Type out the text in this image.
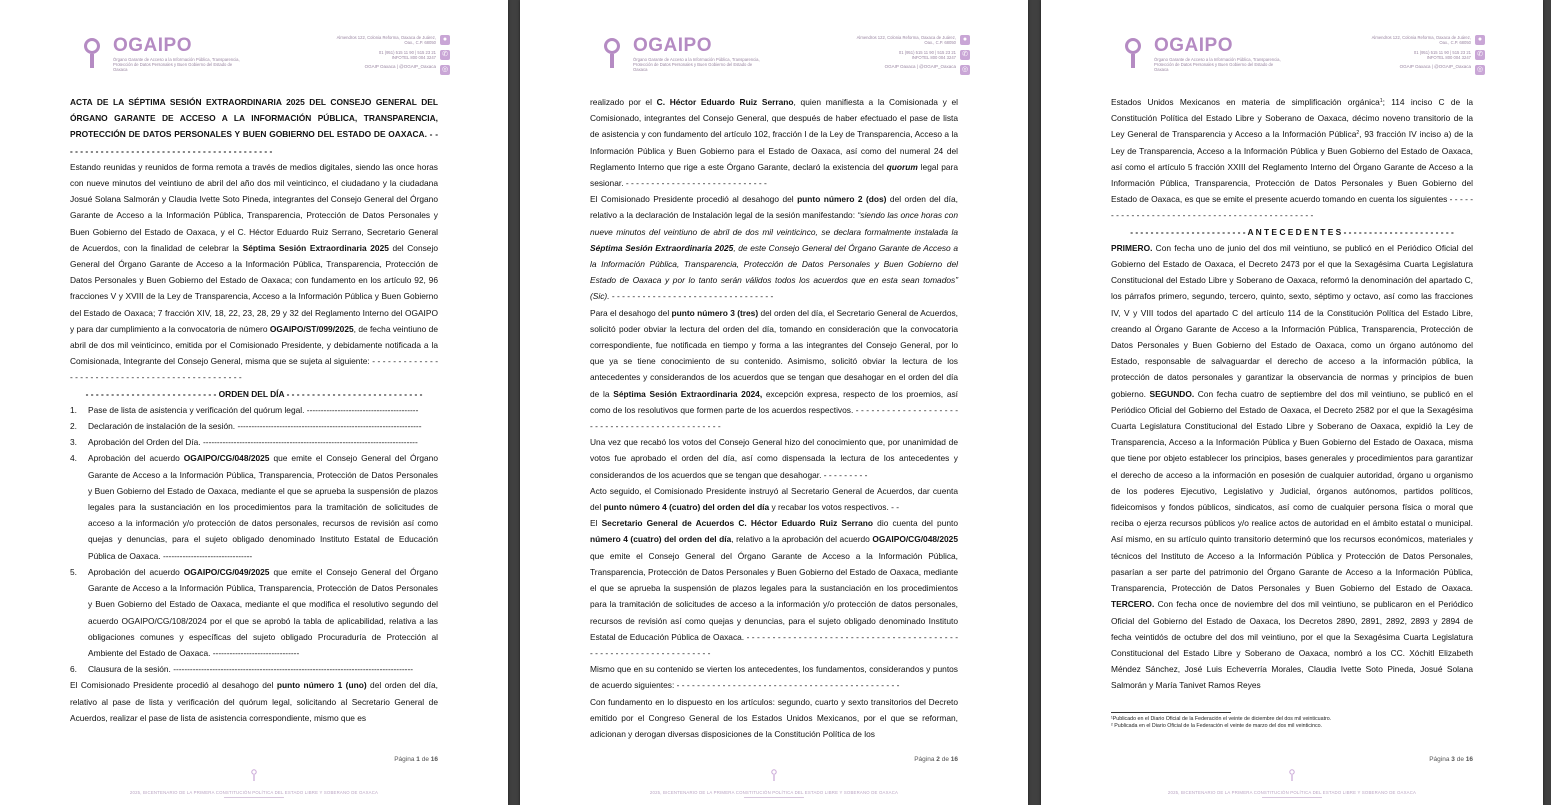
OGAIPO
Órgano Garante de Acceso a la Información Pública, Transparencia, Protección de Datos Personales y Buen Gobierno del Estado de Oaxaca
Almendros 122, Colonia Reforma, Oaxaca de Juárez, Oax., C.P. 68050 ●
01 (951) 515 11 90 | 515 23 21
INFOTEL 800 004 3247 ✆
◎
OGAIP Oaxaca | @OGAIP_Oaxaca

ACTA DE LA SÉPTIMA SESIÓN EXTRAORDINARIA 2025 DEL CONSEJO GENERAL DEL ÓRGANO GARANTE DE ACCESO A LA INFORMACIÓN PÚBLICA, TRANSPARENCIA, PROTECCIÓN DE DATOS PERSONALES Y BUEN GOBIERNO DEL ESTADO DE OAXACA. - - - - - - - - - - - - - - - - - - - - - - - - - - - - - - - - - - - - - - - - - -

Estando reunidas y reunidos de forma remota a través de medios digitales, siendo las once horas con nueve minutos del veintiuno de abril del año dos mil veinticinco, el ciudadano y la ciudadana Josué Solana Salmorán y Claudia Ivette Soto Pineda, integrantes del Consejo General del Órgano Garante de Acceso a la Información Pública, Transparencia, Protección de Datos Personales y Buen Gobierno del Estado de Oaxaca, y el C. Héctor Eduardo Ruiz Serrano, Secretario General de Acuerdos, con la finalidad de celebrar la Séptima Sesión Extraordinaria 2025 del Consejo General del Órgano Garante de Acceso a la Información Pública, Transparencia, Protección de Datos Personales y Buen Gobierno del Estado de Oaxaca; con fundamento en los artículo 92, 96 fracciones V y XVIII de la Ley de Transparencia, Acceso a la Información Pública y Buen Gobierno del Estado de Oaxaca; 7 fracción XIV, 18, 22, 23, 28, 29 y 32 del Reglamento Interno del OGAIPO y para dar cumplimiento a la convocatoria de número OGAIPO/ST/099/2025, de fecha veintiuno de abril de dos mil veinticinco, emitida por el Comisionado Presidente, y debidamente notificada a la Comisionada, Integrante del Consejo General, misma que se sujeta al siguiente: - - - - - - - - - - - - - - - - - - - - - - - - - - - - - - - - - - - - - - - - - - - - - - -

- - - - - - - - - - - - - - - - - - - - - - - - - - ORDEN DEL DÍA - - - - - - - - - - - - - - - - - - - - - - - - - - -

1. Pase de lista de asistencia y verificación del quórum legal. ----------------------------------------
2. Declaración de instalación de la sesión. ------------------------------------------------------------------
3. Aprobación del Orden del Día. -----------------------------------------------------------------------------
4. Aprobación del acuerdo OGAIPO/CG/048/2025 que emite el Consejo General del Órgano Garante de Acceso a la Información Pública, Transparencia, Protección de Datos Personales y Buen Gobierno del Estado de Oaxaca, mediante el que se aprueba la suspensión de plazos legales para la sustanciación en los procedimientos para la tramitación de solicitudes de acceso a la información y/o protección de datos personales, recursos de revisión así como quejas y denuncias, para el sujeto obligado denominado Instituto Estatal de Educación Pública de Oaxaca. --------------------------------
5. Aprobación del acuerdo OGAIPO/CG/049/2025 que emite el Consejo General del Órgano Garante de Acceso a la Información Pública, Transparencia, Protección de Datos Personales y Buen Gobierno del Estado de Oaxaca, mediante el que modifica el resolutivo segundo del acuerdo OGAIPO/CG/108/2024 por el que se aprobó la tabla de aplicabilidad, relativa a las obligaciones comunes y específicas del sujeto obligado Procuraduría de Protección al Ambiente del Estado de Oaxaca. -------------------------------
6. Clausura de la sesión. --------------------------------------------------------------------------------------

El Comisionado Presidente procedió al desahogo del punto número 1 (uno) del orden del día, relativo al pase de lista y verificación del quórum legal, solicitando al Secretario General de Acuerdos, realizar el pase de lista de asistencia correspondiente, mismo que es

Página 1 de 16
2025, BICENTENARIO DE LA PRIMERA CONSTITUCIÓN POLÍTICA DEL ESTADO LIBRE Y SOBERANO DE OAXACA
OGAIPO
Órgano Garante de Acceso a la Información Pública, Transparencia, Protección de Datos Personales y Buen Gobierno del Estado de Oaxaca
Almendros 122, Colonia Reforma, Oaxaca de Juárez, Oax., C.P. 68050 ●
01 (951) 515 11 90 | 515 23 21
INFOTEL 800 004 3247 ✆
◎
OGAIP Oaxaca | @OGAIP_Oaxaca

realizado por el C. Héctor Eduardo Ruiz Serrano, quien manifiesta a la Comisionada y el Comisionado, integrantes del Consejo General, que después de haber efectuado el pase de lista de asistencia y con fundamento del artículo 102, fracción I de la Ley de Transparencia, Acceso a la Información Pública y Buen Gobierno para el Estado de Oaxaca, así como del numeral 24 del Reglamento Interno que rige a este Órgano Garante, declaró la existencia del quorum legal para sesionar. - - - - - - - - - - - - - - - - - - - - - - - - - - - -

El Comisionado Presidente procedió al desahogo del punto número 2 (dos) del orden del día, relativo a la declaración de Instalación legal de la sesión manifestando: “siendo las once horas con nueve minutos del veintiuno de abril de dos mil veinticinco, se declara formalmente instalada la Séptima Sesión Extraordinaria 2025, de este Consejo General del Órgano Garante de Acceso a la Información Pública, Transparencia, Protección de Datos Personales y Buen Gobierno del Estado de Oaxaca y por lo tanto serán válidos todos los acuerdos que en esta sean tomados” (Sic). - - - - - - - - - - - - - - - - - - - - - - - - - - - - - - - -

Para el desahogo del punto número 3 (tres) del orden del día, el Secretario General de Acuerdos, solicitó poder obviar la lectura del orden del día, tomando en consideración que la convocatoria correspondiente, fue notificada en tiempo y forma a las integrantes del Consejo General, por lo que ya se tiene conocimiento de su contenido. Asimismo, solicitó obviar la lectura de los antecedentes y considerandos de los acuerdos que se tengan que desahogar en el orden del día de la Séptima Sesión Extraordinaria 2024, excepción expresa, respecto de los proemios, así como de los resolutivos que formen parte de los acuerdos respectivos. - - - - - - - - - - - - - - - - - - - - - - - - - - - - - - - - - - - - - - - - - - - - - -

Una vez que recabó los votos del Consejo General hizo del conocimiento que, por unanimidad de votos fue aprobado el orden del día, así como dispensada la lectura de los antecedentes y considerandos de los acuerdos que se tengan que desahogar. - - - - - - - - -

Acto seguido, el Comisionado Presidente instruyó al Secretario General de Acuerdos, dar cuenta del punto número 4 (cuatro) del orden del día y recabar los votos respectivos. - -

El Secretario General de Acuerdos C. Héctor Eduardo Ruiz Serrano dio cuenta del punto número 4 (cuatro) del orden del día, relativo a la aprobación del acuerdo OGAIPO/CG/048/2025 que emite el Consejo General del Órgano Garante de Acceso a la Información Pública, Transparencia, Protección de Datos Personales y Buen Gobierno del Estado de Oaxaca, mediante el que se aprueba la suspensión de plazos legales para la sustanciación en los procedimientos para la tramitación de solicitudes de acceso a la información y/o protección de datos personales, recursos de revisión así como quejas y denuncias, para el sujeto obligado denominado Instituto Estatal de Educación Pública de Oaxaca. - - - - - - - - - - - - - - - - - - - - - - - - - - - - - - - - - - - - - - - - - - - - - - - - - - - - - - - - - - - - - - - - -

Mismo que en su contenido se vierten los antecedentes, los fundamentos, considerandos y puntos de acuerdo siguientes: - - - - - - - - - - - - - - - - - - - - - - - - - - - - - - - - - - - - - - - - - - - -

Con fundamento en lo dispuesto en los artículos: segundo, cuarto y sexto transitorios del Decreto emitido por el Congreso General de los Estados Unidos Mexicanos, por el que se reforman, adicionan y derogan diversas disposiciones de la Constitución Política de los

Página 2 de 16
2025, BICENTENARIO DE LA PRIMERA CONSTITUCIÓN POLÍTICA DEL ESTADO LIBRE Y SOBERANO DE OAXACA
OGAIPO
Órgano Garante de Acceso a la Información Pública, Transparencia, Protección de Datos Personales y Buen Gobierno del Estado de Oaxaca
Almendros 122, Colonia Reforma, Oaxaca de Juárez, Oax., C.P. 68050 ●
01 (951) 515 11 90 | 515 23 21
INFOTEL 800 004 3247 ✆
◎
OGAIP Oaxaca | @OGAIP_Oaxaca

Estados Unidos Mexicanos en materia de simplificación orgánica$^1$; 114 inciso C de la Constitución Política del Estado Libre y Soberano de Oaxaca, décimo noveno transitorio de la Ley General de Transparencia y Acceso a la Información Pública$^2$, 93 fracción IV inciso a) de la Ley de Transparencia, Acceso a la Información Pública y Buen Gobierno del Estado de Oaxaca, así como el artículo 5 fracción XXIII del Reglamento Interno del Órgano Garante de Acceso a la Información Pública, Transparencia, Protección de Datos Personales y Buen Gobierno del Estado de Oaxaca, es que se emite el presente acuerdo tomando en cuenta los siguientes - - - - - - - - - - - - - - - - - - - - - - - - - - - - - - - - - - - - - - - - - - - - -

- - - - - - - - - - - - - - - - - - - - - - - A N T E C E D E N T E S - - - - - - - - - - - - - - - - - - - - - -

PRIMERO. Con fecha uno de junio del dos mil veintiuno, se publicó en el Periódico Oficial del Gobierno del Estado de Oaxaca, el Decreto 2473 por el que la Sexagésima Cuarta Legislatura Constitucional del Estado Libre y Soberano de Oaxaca, reformó la denominación del apartado C, los párrafos primero, segundo, tercero, quinto, sexto, séptimo y octavo, así como las fracciones IV, V y VIII todos del apartado C del artículo 114 de la Constitución Política del Estado Libre, creando al Órgano Garante de Acceso a la Información Pública, Transparencia, Protección de Datos Personales y Buen Gobierno del Estado de Oaxaca, como un órgano autónomo del Estado, responsable de salvaguardar el derecho de acceso a la información pública, la protección de datos personales y garantizar la observancia de normas y principios de buen gobierno. SEGUNDO. Con fecha cuatro de septiembre del dos mil veintiuno, se publicó en el Periódico Oficial del Gobierno del Estado de Oaxaca, el Decreto 2582 por el que la Sexagésima Cuarta Legislatura Constitucional del Estado Libre y Soberano de Oaxaca, expidió la Ley de Transparencia, Acceso a la Información Pública y Buen Gobierno del Estado de Oaxaca, misma que tiene por objeto establecer los principios, bases generales y procedimientos para garantizar el derecho de acceso a la información en posesión de cualquier autoridad, órgano u organismo de los poderes Ejecutivo, Legislativo y Judicial, órganos autónomos, partidos políticos, fideicomisos y fondos públicos, sindicatos, así como de cualquier persona física o moral que reciba o ejerza recursos públicos y/o realice actos de autoridad en el ámbito estatal o municipal. Así mismo, en su artículo quinto transitorio determinó que los recursos económicos, materiales y técnicos del Instituto de Acceso a la Información Pública y Protección de Datos Personales, pasarían a ser parte del patrimonio del Órgano Garante de Acceso a la Información Pública, Transparencia, Protección de Datos Personales y Buen Gobierno del Estado de Oaxaca. TERCERO. Con fecha once de noviembre del dos mil veintiuno, se publicaron en el Periódico Oficial del Gobierno del Estado de Oaxaca, los Decretos 2890, 2891, 2892, 2893 y 2894 de fecha veintidós de octubre del dos mil veintiuno, por el que la Sexagésima Cuarta Legislatura Constitucional del Estado Libre y Soberano de Oaxaca, nombró a los CC. Xóchitl Elizabeth Méndez Sánchez, José Luis Echeverría Morales, Claudia Ivette Soto Pineda, Josué Solana Salmorán y María Tanivet Ramos Reyes

¹Publicado en el Diario Oficial de la Federación el veinte de diciembre del dos mil veinticuatro.
² Publicada en el Diario Oficial de la Federación el veinte de marzo del dos mil veinticinco.
Página 3 de 16
2025, BICENTENARIO DE LA PRIMERA CONSTITUCIÓN POLÍTICA DEL ESTADO LIBRE Y SOBERANO DE OAXACA
